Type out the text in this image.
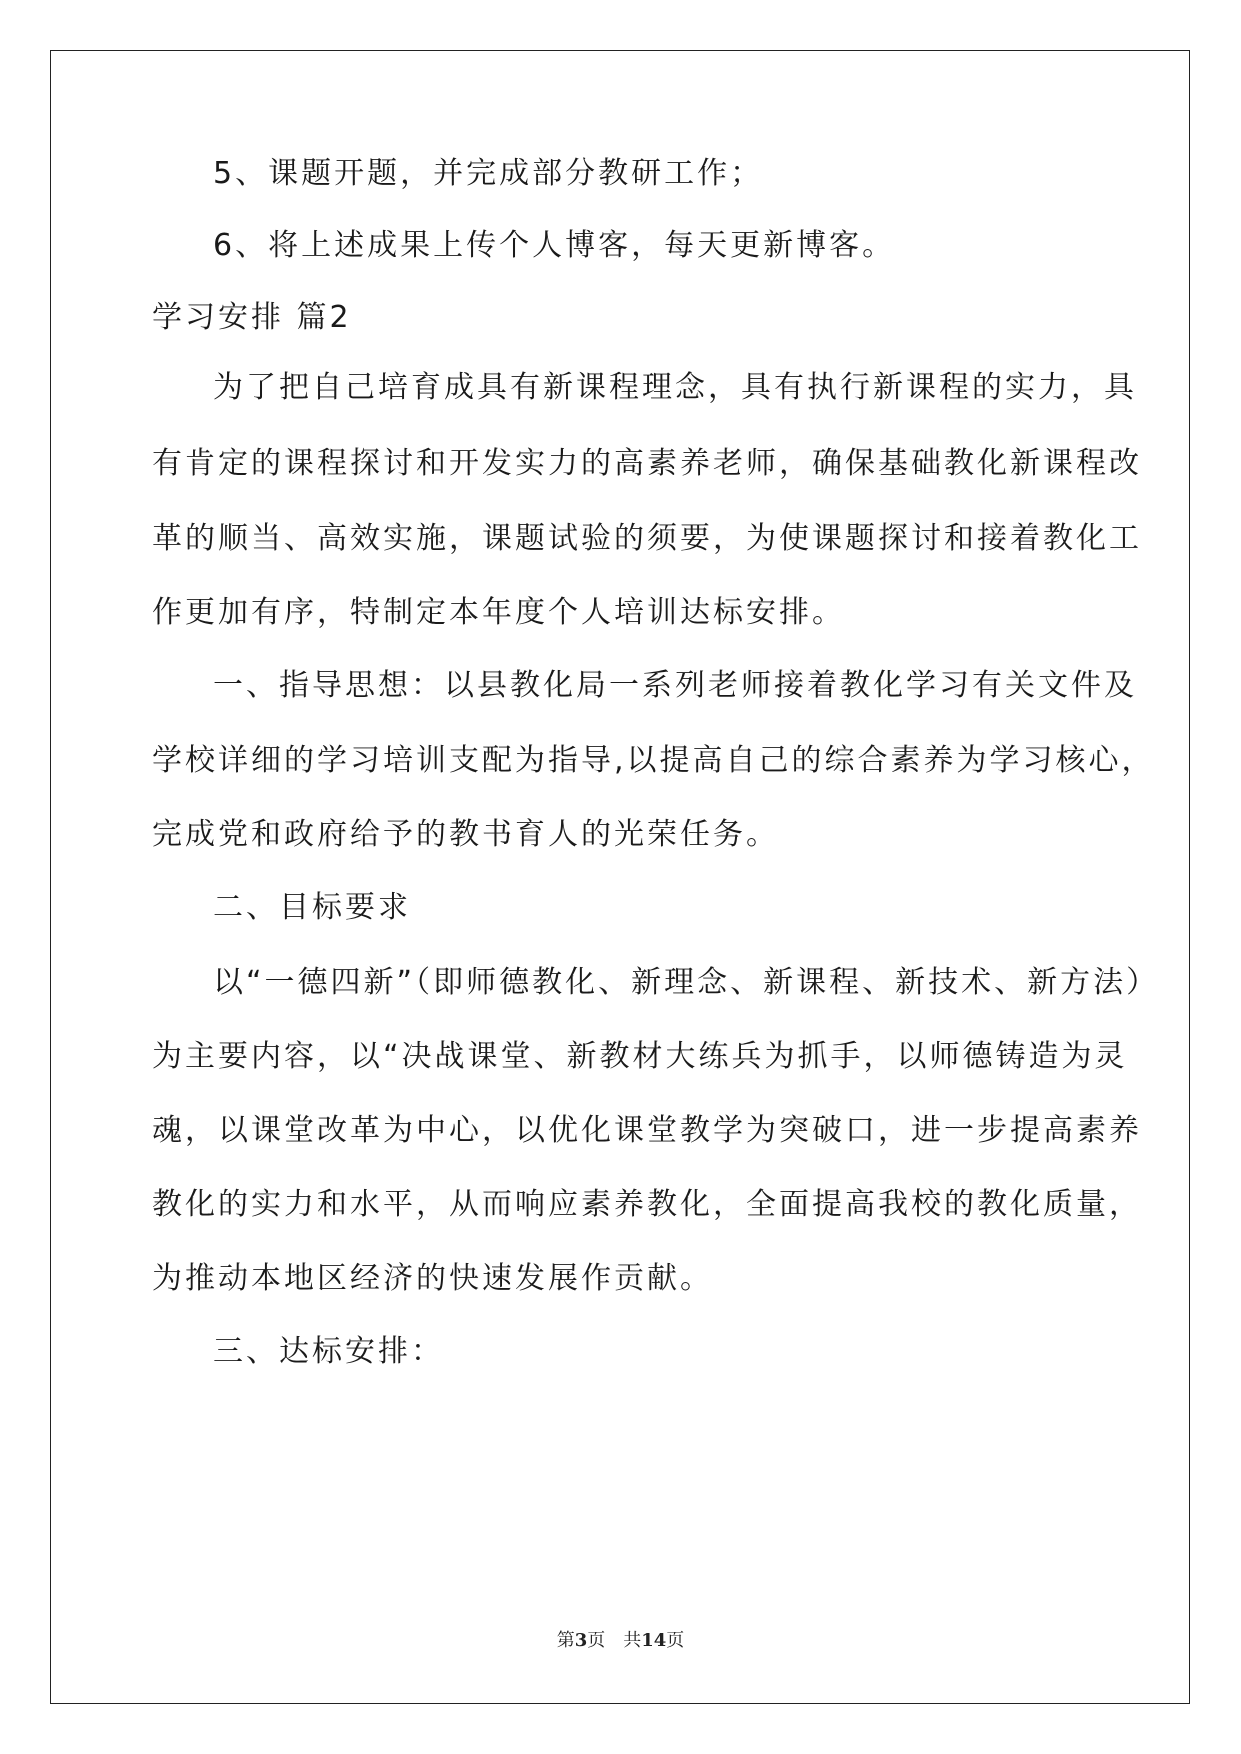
5、课题开题，并完成部分教研工作；
6、将上述成果上传个人博客，每天更新博客。
学习安排 篇2
为了把自己培育成具有新课程理念，具有执行新课程的实力，具
有肯定的课程探讨和开发实力的高素养老师，确保基础教化新课程改
革的顺当、高效实施，课题试验的须要，为使课题探讨和接着教化工
作更加有序，特制定本年度个人培训达标安排。
一、指导思想：以县教化局一系列老师接着教化学习有关文件及
学校详细的学习培训支配为指导,以提高自己的综合素养为学习核心，
完成党和政府给予的教书育人的光荣任务。
二、目标要求
以“一德四新”（即师德教化、新理念、新课程、新技术、新方法）
为主要内容，以“决战课堂、新教材大练兵为抓手，以师德铸造为灵
魂，以课堂改革为中心，以优化课堂教学为突破口，进一步提高素养
教化的实力和水平，从而响应素养教化，全面提高我校的教化质量，
为推动本地区经济的快速发展作贡献。
三、达标安排：
第3页 共14页
